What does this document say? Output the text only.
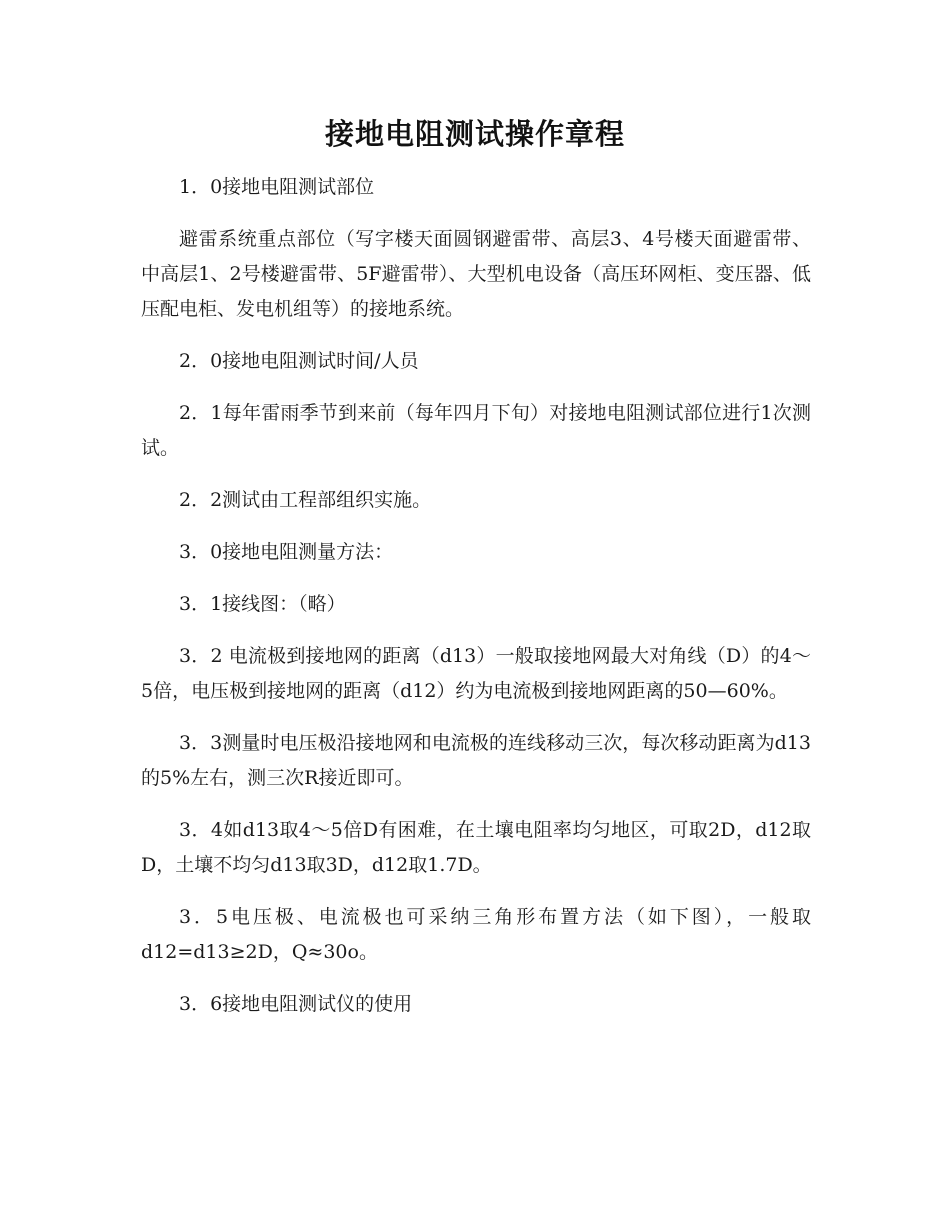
接地电阻测试操作章程

1．0接地电阻测试部位

避雷系统重点部位（写字楼天面圆钢避雷带、高层3、4号楼天面避雷带、中高层1、2号楼避雷带、5F避雷带）、大型机电设备（高压环网柜、变压器、低压配电柜、发电机组等）的接地系统。

2．0接地电阻测试时间/人员

2．1每年雷雨季节到来前（每年四月下旬）对接地电阻测试部位进行1次测试。

2．2测试由工程部组织实施。

3．0接地电阻测量方法：

3．1接线图：（略）

3．2 电流极到接地网的距离（d13）一般取接地网最大对角线（D）的4～5倍，电压极到接地网的距离（d12）约为电流极到接地网距离的50—60%。

3．3测量时电压极沿接地网和电流极的连线移动三次，每次移动距离为d13的5%左右，测三次R接近即可。

3．4如d13取4～5倍D有困难，在土壤电阻率均匀地区，可取2D，d12取D，土壤不均匀d13取3D，d12取1.7D。

3．5电压极、电流极也可采纳三角形布置方法（如下图），一般取d12=d13≥2D，Q≈30o。

3．6接地电阻测试仪的使用
